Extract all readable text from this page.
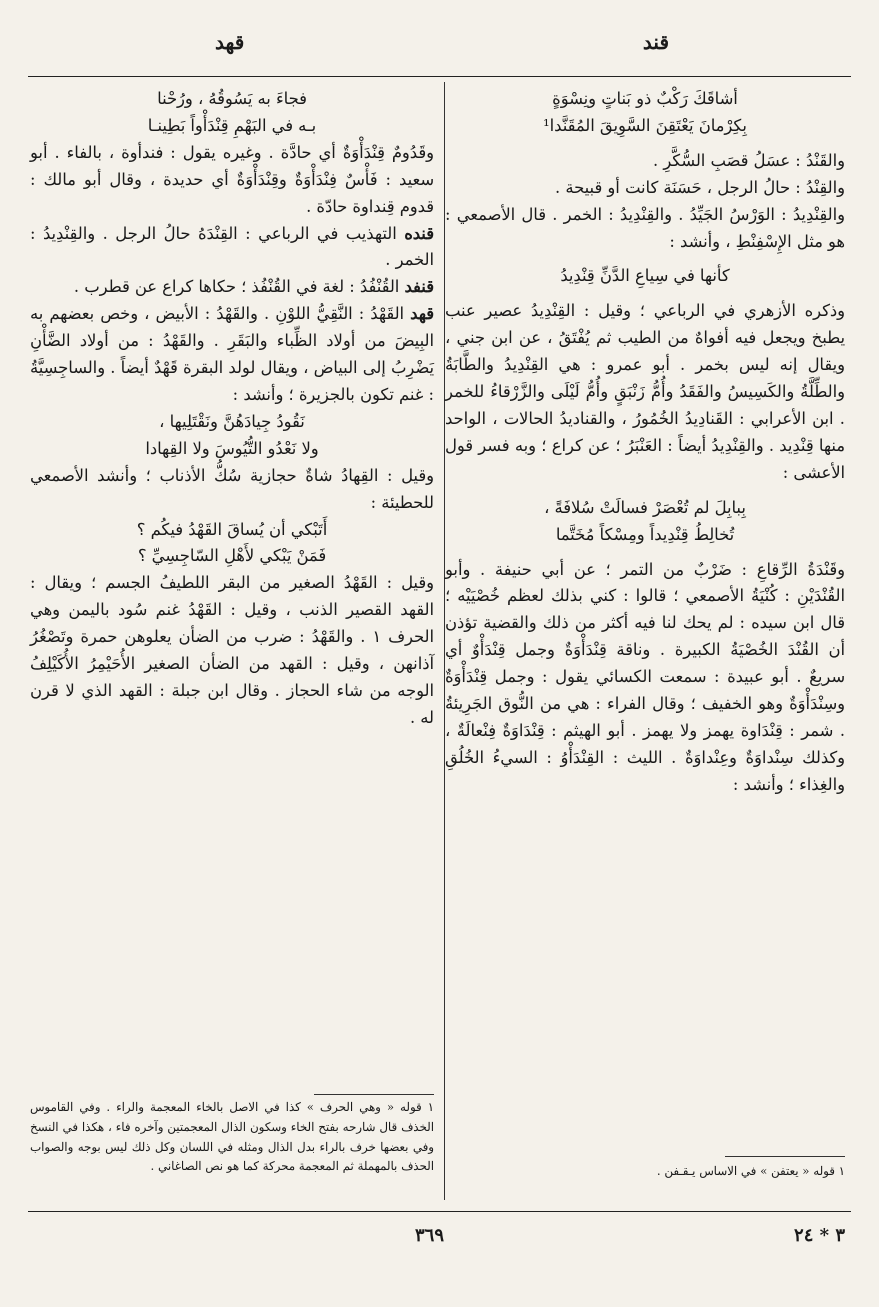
قند
قهد

أشاقَكَ رَكْبٌ ذو بَناتٍ ونِسْوَةٍ

بِكِرْمانَ يَعْتَقِنَ السَّوِيقَ المُقَنَّدا¹

والقَنْدُ : عسَلُ قصَبِ السُّكَّرِ .

والقِنْدُ : حالُ الرجل ، حَسَنَة كانت أو قبيحة .

والقِنْدِيدُ : الوَرْسُ الجَيِّدُ . والقِنْدِيدُ : الخمر . قال الأصمعي : هو مثل الإِسْفِنْطِ ، وأنشد :

كأنها في سِياعِ الدَّنِّ قِنْدِيدُ

وذكره الأزهري في الرباعي ؛ وقيل : القِنْدِيدُ عصير عنب يطبخ ويجعل فيه أفواهٌ من الطيب ثم يُفْتَقُ ، عن ابن جني ، ويقال إنه ليس بخمر . أبو عمرو : هي القِنْدِيدُ والطَّابَةُ والطِّلَّةُ والكَسِيسُ والفَقَدُ وأُمُّ زَنْبَقٍ وأُمُّ لَيْلَى والزَّرْقاءُ للخمر . ابن الأعرابي : القَنادِيدُ الخُمُورُ ، والقناديدُ الحالات ، الواحد منها قِنْدِيد . والقِنْدِيدُ أيضاً : العَنْبَرُ ؛ عن كراع ؛ وبه فسر قول الأعشى :

بِبابِلَ لم تُعْصَرْ فسالَتْ سُلافَةً ،

تُخالِطُ قِنْدِيداً ومِسْكاً مُخَتَّما

وقَنْدَةُ الرِّقاعِ : ضَرْبٌ من التمر ؛ عن أبي حنيفة . وأبو القُنْدَيْنِ : كُنْيَةُ الأصمعي ؛ قالوا : كني بذلك لعظم خُصْيَيْه ؛ قال ابن سيده : لم يحك لنا فيه أكثر من ذلك والقضية تؤذن أن القُنْدَ الخُصْيَةُ الكبيرة . وناقة قِنْدَأْوَةٌ وجمل قِنْدَأْوٌ أي سريعٌ . أبو عبيدة : سمعت الكسائي يقول : وجمل قِنْدَأْوَةٌ وسِنْدَأْوَةٌ وهو الخفيف ؛ وقال الفراء : هي من النُّوق الجَرِيئةُ . شمر : قِنْدَاوة يهمز ولا يهمز . أبو الهيثم : قِنْدَاوَةٌ فِنْعالَةٌ ، وكذلك سِنْداوَةٌ وعِنْداوَةٌ . الليث : القِنْدَأْوُ : السيءُ الخُلُقِ والغِذاء ؛ وأنشد :

فجاءَ به يَسُوقُهُ ، ورُحْنا

بـه في البَهْمِ قِنْدَأْواً بَطِينـا

وقَدُومٌ قِنْدَأْوَةٌ أي حادَّة . وغيره يقول : فندأوة ، بالفاء . أبو سعيد : فَأْسٌ فِنْدَأْوَةٌ وقِنْدَأْوَةٌ أي حديدة ، وقال أبو مالك : قدوم قِنداوة حادّة .

قنده التهذيب في الرباعي : القِنْدَهُ حالُ الرجل . والقِنْدِيدُ : الخمر .

قنفد القُنْفُدُ : لغة في القُنْفُذ ؛ حكاها كراع عن قطرب .

قهد القَهْدُ : النَّقِيُّ اللوْنِ . والقَهْدُ : الأبيض ، وخص بعضهم به البِيضَ من أولاد الظِّباء والبَقَرِ . والقَهْدُ : من أولاد الضَّأْنِ يَضْرِبُ إلى البياض ، ويقال لولد البقرة قَهْدٌ أيضاً . والساجِسِيَّةُ : غنم تكون بالجزيرة ؛ وأنشد :

نَقُودُ جِيادَهُنَّ ونَقْتَلِيها ،

ولا نَعْدُو التُّيُوسَ ولا القِهادا

وقيل : القِهادُ شاةٌ حجازية سُكُّ الأذناب ؛ وأنشد الأصمعي للحطيئة :

أَتَبْكي أن يُساقَ القَهْدُ فيكُم ؟

فَمَنْ يَبْكي لأَهْلِ السّاجِسِيِّ ؟

وقيل : القَهْدُ الصغير من البقر اللطيفُ الجسم ؛ ويقال : القهد القصير الذنب ، وقيل : القَهْدُ غنم سُود باليمن وهي الحرف ١ . والقَهْدُ : ضرب من الضأن يعلوهن حمرة وتَصْغُرُ آذانهن ، وقيل : القهد من الضأن الصغير الأُحَيْمِرُ الأُكَيْلِفُ الوجه من شاء الحجاز . وقال ابن جبلة : القهد الذي لا قرن له .

١ قوله « يعتفن » في الاساس يـقـفن .
١ قوله « وهي الحرف » كذا في الاصل بالخاء المعجمة والراء . وفي القاموس الخذف قال شارحه بفتح الخاء وسكون الذال المعجمتين وآخره فاء ، هكذا في النسخ وفي بعضها خرف بالراء بدل الذال ومثله في اللسان وكل ذلك ليس بوجه والصواب الحذف بالمهملة ثم المعجمة محركة كما هو نص الصاغاني .
٣٦٩	٣ * ٢٤
